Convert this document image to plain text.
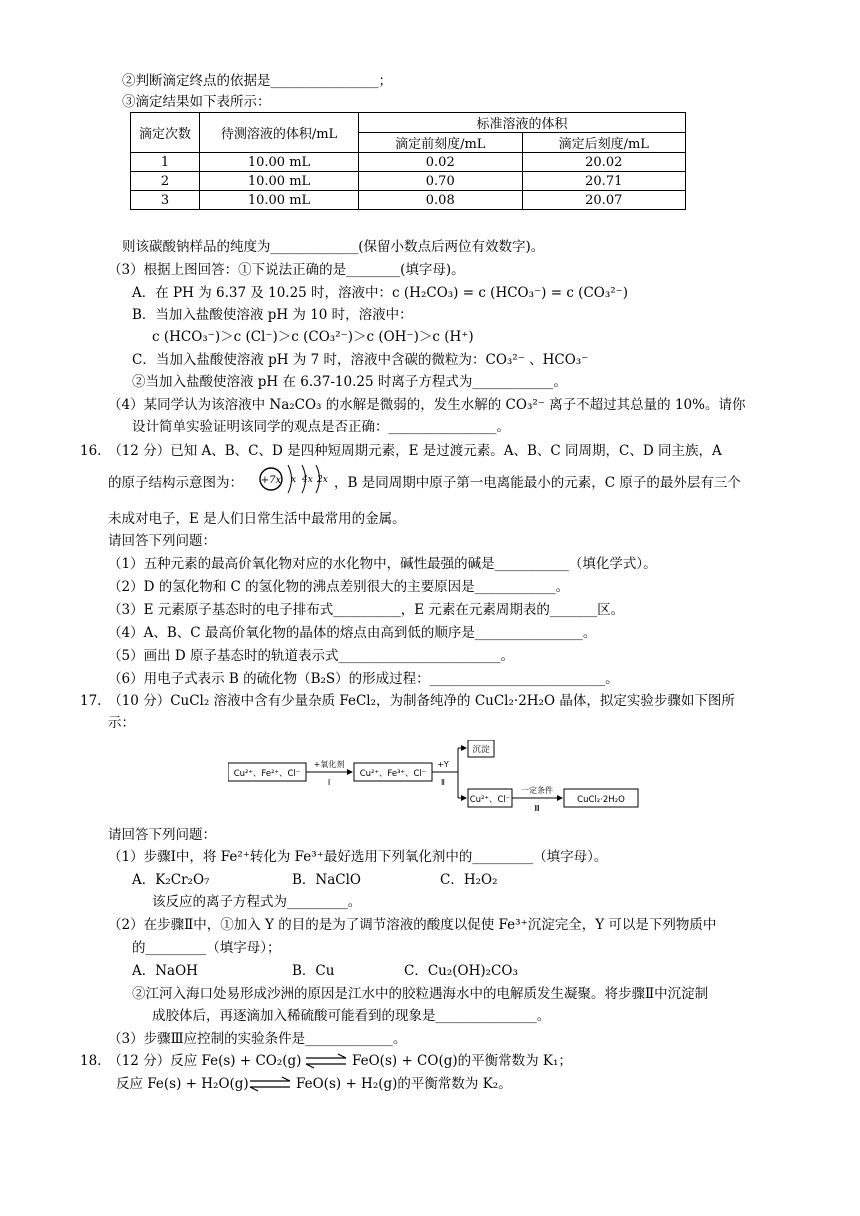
②判断滴定终点的依据是________________；
③滴定结果如下表所示：
滴定次数	待测溶液的体积/mL	标准溶液的体积	
		滴定前刻度/mL	滴定后刻度/mL
1	10.00 mL	0.02	20.02
2	10.00 mL	0.70	20.71
3	10.00 mL	0.08	20.07
则该碳酸钠样品的纯度为_____________(保留小数点后两位有效数字)。
（3）根据上图回答：①下说法正确的是________(填字母)。
A．在 PH 为 6.37 及 10.25 时，溶液中：c (H₂CO₃) = c (HCO₃⁻) = c (CO₃²⁻)
B．当加入盐酸使溶液 pH 为 10 时，溶液中：
c (HCO₃⁻)＞c (Cl⁻)＞c (CO₃²⁻)＞c (OH⁻)＞c (H⁺)
C．当加入盐酸使溶液 pH 为 7 时，溶液中含碳的微粒为：CO₃²⁻ 、HCO₃⁻
②当加入盐酸使溶液 pH 在 6.37-10.25 时离子方程式为____________。
（4）某同学认为该溶液中 Na₂CO₃ 的水解是微弱的，发生水解的 CO₃²⁻ 离子不超过其总量的 10%。请你
设计简单实验证明该同学的观点是否正确：________________。
16.　（12 分）已知 A、B、C、D 是四种短周期元素，E 是过渡元素。A、B、C 同周期，C、D 同主族，A
的原子结构示意图为： +7x x 4x 2x ，B 是同周期中原子第一电离能最小的元素，C 原子的最外层有三个
未成对电子，E 是人们日常生活中最常用的金属。
请回答下列问题：
（1）五种元素的最高价氧化物对应的水化物中，碱性最强的碱是___________（填化学式）。
（2）D 的氢化物和 C 的氢化物的沸点差别很大的主要原因是____________。
（3）E 元素原子基态时的电子排布式__________，E 元素在元素周期表的_______区。
（4）A、B、C 最高价氧化物的晶体的熔点由高到低的顺序是________________。
（5）画出 D 原子基态时的轨道表示式________________________。
（6）用电子式表示 B 的硫化物（B₂S）的形成过程：__________________________。
17.　（10 分）CuCl₂ 溶液中含有少量杂质 FeCl₂，为制备纯净的 CuCl₂·2H₂O 晶体，拟定实验步骤如下图所
示：
Cu²⁺、Fe²⁺、Cl⁻
+氧化剂
Ⅰ
Cu²⁺、Fe³⁺、Cl⁻
+Y
Ⅱ
沉淀
Cu²⁺、Cl⁻
一定条件
Ⅲ
CuCl₂·2H₂O
请回答下列问题：
（1）步骤Ⅰ中，将 Fe²⁺转化为 Fe³⁺最好选用下列氧化剂中的_________（填字母）。
A．K₂Cr₂O₇	B．NaClO	C．H₂O₂
该反应的离子方程式为_________。
（2）在步骤Ⅱ中，①加入 Y 的目的是为了调节溶液的酸度以促使 Fe³⁺沉淀完全，Y 可以是下列物质中
的_________（填字母）；
A．NaOH	B．Cu	C．Cu₂(OH)₂CO₃
②江河入海口处易形成沙洲的原因是江水中的胶粒遇海水中的电解质发生凝聚。将步骤Ⅱ中沉淀制
成胶体后，再逐滴加入稀硫酸可能看到的现象是_______________。
（3）步骤Ⅲ应控制的实验条件是_____________。
18.　（12 分）反应 Fe(s) + CO₂(g) ⇌ FeO(s) + CO(g)的平衡常数为 K₁；
反应 Fe(s) + H₂O(g) ⇌ FeO(s) + H₂(g)的平衡常数为 K₂。
